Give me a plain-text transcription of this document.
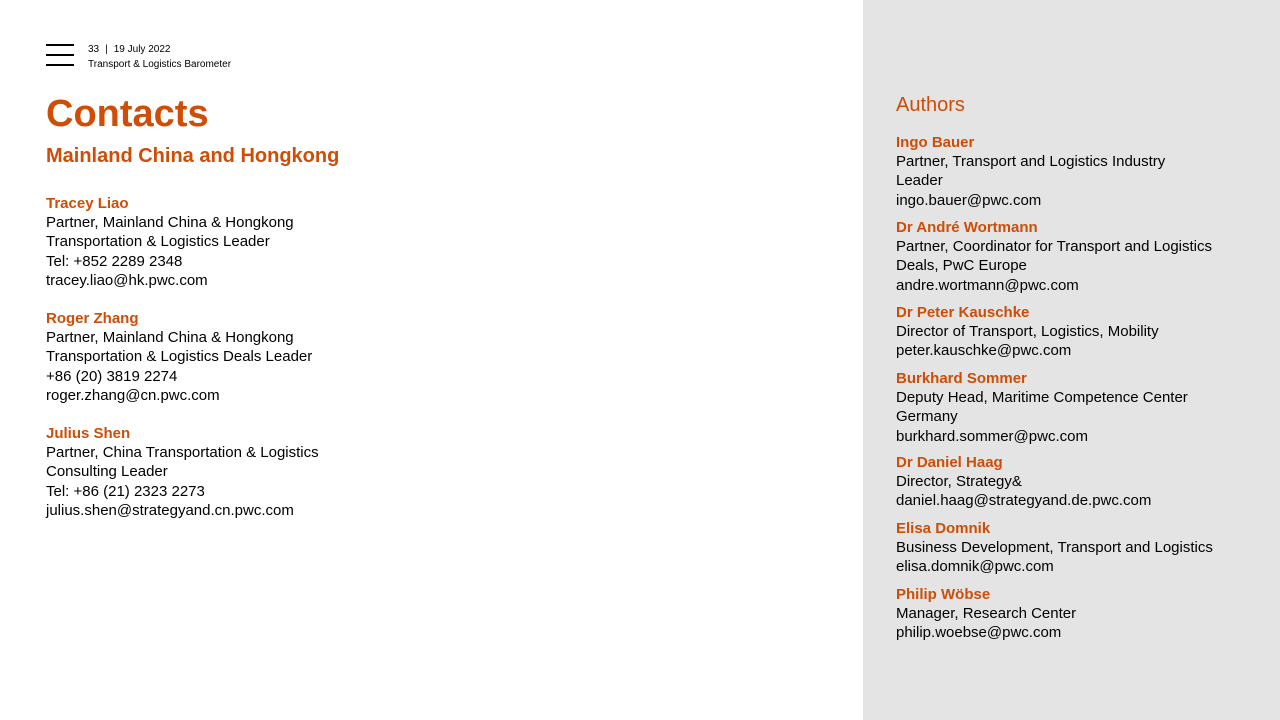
33 | 19 July 2022
Transport & Logistics Barometer
Contacts
Mainland China and Hongkong
Tracey Liao
Partner, Mainland China & Hongkong
Transportation & Logistics Leader
Tel: +852 2289 2348
tracey.liao@hk.pwc.com
Roger Zhang
Partner, Mainland China & Hongkong
Transportation & Logistics Deals Leader
+86 (20) 3819 2274
roger.zhang@cn.pwc.com
Julius Shen
Partner, China Transportation & Logistics
Consulting Leader
Tel: +86 (21) 2323 2273
julius.shen@strategyand.cn.pwc.com
Authors
Ingo Bauer
Partner, Transport and Logistics Industry
Leader
ingo.bauer@pwc.com
Dr André Wortmann
Partner, Coordinator for Transport and Logistics
Deals, PwC Europe
andre.wortmann@pwc.com
Dr Peter Kauschke
Director of Transport, Logistics, Mobility
peter.kauschke@pwc.com
Burkhard Sommer
Deputy Head, Maritime Competence Center
Germany
burkhard.sommer@pwc.com
Dr Daniel Haag
Director, Strategy&
daniel.haag@strategyand.de.pwc.com
Elisa Domnik
Business Development, Transport and Logistics
elisa.domnik@pwc.com
Philip Wöbse
Manager, Research Center
philip.woebse@pwc.com
